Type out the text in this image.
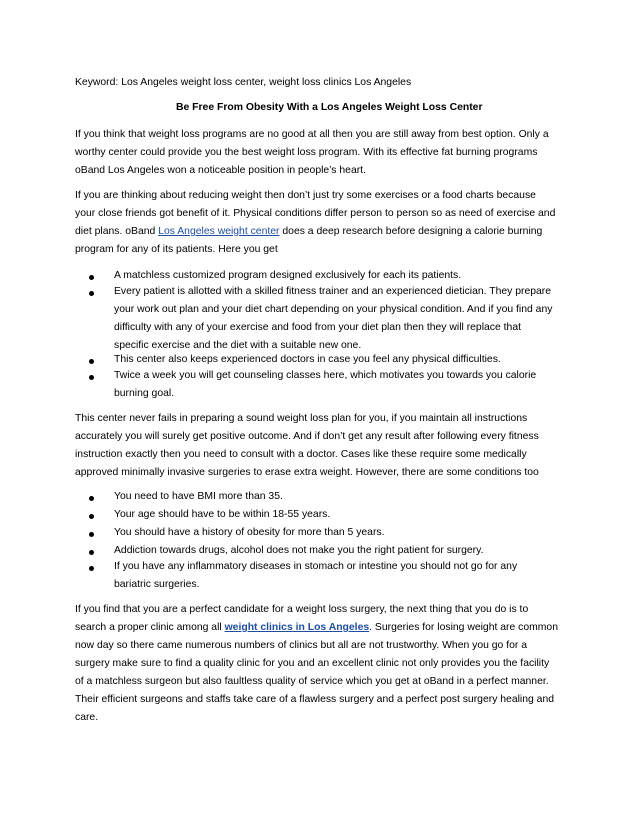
Keyword: Los Angeles weight loss center, weight loss clinics Los Angeles
Be Free From Obesity With a Los Angeles Weight Loss Center
If you think that weight loss programs are no good at all then you are still away from best option. Only a
worthy center could provide you the best weight loss program. With its effective fat burning programs
oBand Los Angeles won a noticeable position in people’s heart.
If you are thinking about reducing weight then don’t just try some exercises or a food charts because
your close friends got benefit of it. Physical conditions differ person to person so as need of exercise and
diet plans. oBand Los Angeles weight center does a deep research before designing a calorie burning
program for any of its patients. Here you get
A matchless customized program designed exclusively for each its patients.
Every patient is allotted with a skilled fitness trainer and an experienced dietician. They prepare
your work out plan and your diet chart depending on your physical condition. And if you find any
difficulty with any of your exercise and food from your diet plan then they will replace that
specific exercise and the diet with a suitable new one.
This center also keeps experienced doctors in case you feel any physical difficulties.
Twice a week you will get counseling classes here, which motivates you towards you calorie
burning goal.
This center never fails in preparing a sound weight loss plan for you, if you maintain all instructions
accurately you will surely get positive outcome. And if don’t get any result after following every fitness
instruction exactly then you need to consult with a doctor. Cases like these require some medically
approved minimally invasive surgeries to erase extra weight. However, there are some conditions too
You need to have BMI more than 35.
Your age should have to be within 18-55 years.
You should have a history of obesity for more than 5 years.
Addiction towards drugs, alcohol does not make you the right patient for surgery.
If you have any inflammatory diseases in stomach or intestine you should not go for any
bariatric surgeries.
If you find that you are a perfect candidate for a weight loss surgery, the next thing that you do is to
search a proper clinic among all weight clinics in Los Angeles. Surgeries for losing weight are common
now day so there came numerous numbers of clinics but all are not trustworthy. When you go for a
surgery make sure to find a quality clinic for you and an excellent clinic not only provides you the facility
of a matchless surgeon but also faultless quality of service which you get at oBand in a perfect manner.
Their efficient surgeons and staffs take care of a flawless surgery and a perfect post surgery healing and
care.
